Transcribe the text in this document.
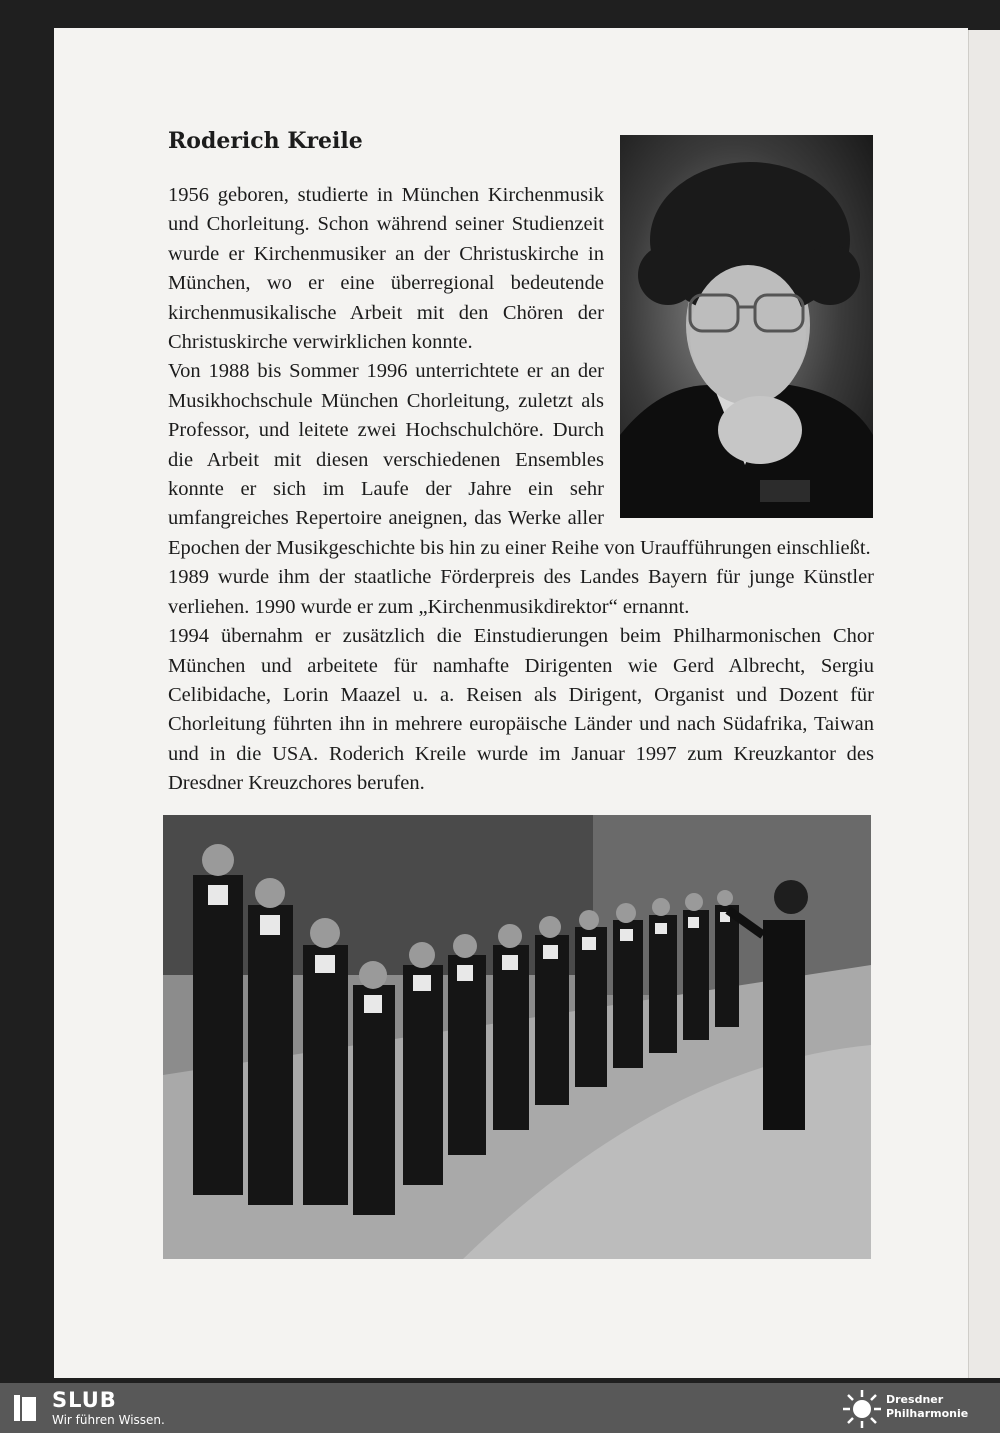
Roderich Kreile

1956 geboren, studierte in München Kirchenmusik und Chorleitung. Schon während seiner Studienzeit wurde er Kirchenmusiker an der Christuskirche in München, wo er eine überregional bedeutende kirchenmusikalische Arbeit mit den Chören der Christuskirche verwirklichen konnte.

Von 1988 bis Sommer 1996 unterrichtete er an der Musikhochschule München Chorleitung, zuletzt als Professor, und leitete zwei Hochschulchöre. Durch die Arbeit mit diesen verschiedenen Ensembles konnte er sich im Laufe der Jahre ein sehr umfangreiches Repertoire aneignen, das Werke aller Epochen der Musikgeschichte bis hin zu einer Reihe von Uraufführungen einschließt.

1989 wurde ihm der staatliche Förderpreis des Landes Bayern für junge Künstler verliehen. 1990 wurde er zum „Kirchenmusikdirektor“ ernannt.

1994 übernahm er zusätzlich die Einstudierungen beim Philharmonischen Chor München und arbeitete für namhafte Dirigenten wie Gerd Albrecht, Sergiu Celibidache, Lorin Maazel u. a. Reisen als Dirigent, Organist und Dozent für Chorleitung führten ihn in mehrere europäische Länder und nach Südafrika, Taiwan und in die USA. Roderich Kreile wurde im Januar 1997 zum Kreuzkantor des Dresdner Kreuzchores berufen.

SLUB
Wir führen Wissen.
Dresdner
Philharmonie
